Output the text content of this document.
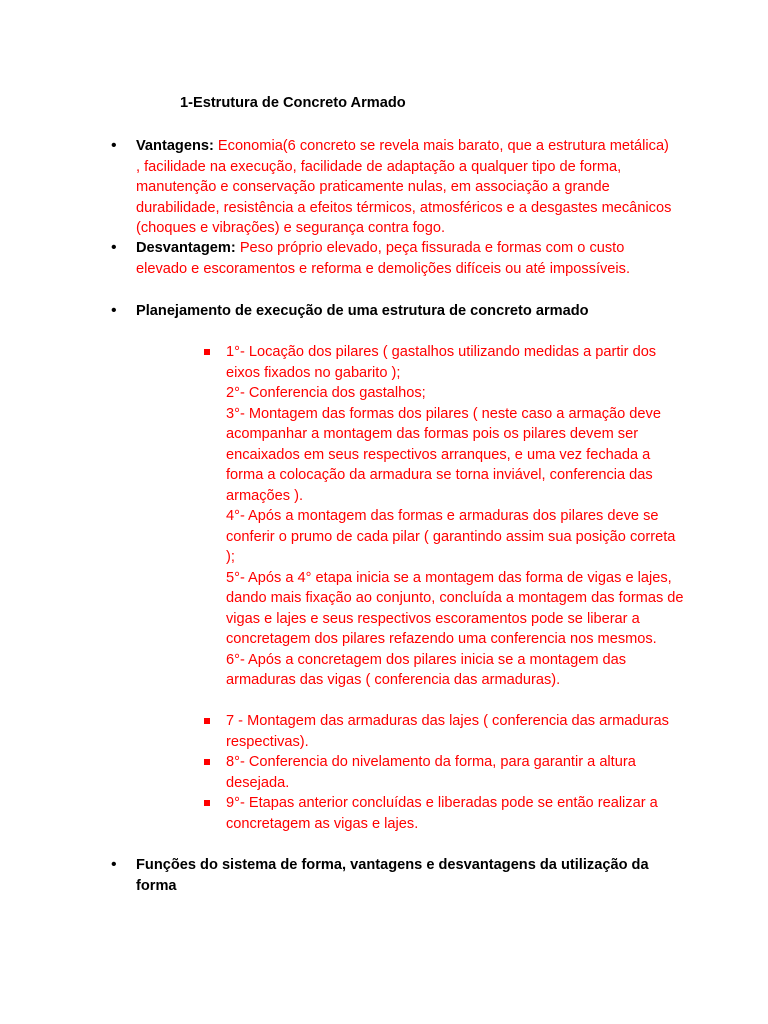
1-Estrutura de Concreto Armado
• Vantagens: Economia(6 concreto se revela mais barato, que a estrutura metálica) , facilidade na execução, facilidade de adaptação a qualquer tipo de forma, manutenção e conservação praticamente nulas, em associação a grande durabilidade, resistência a efeitos térmicos, atmosféricos e a desgastes mecânicos (choques e vibrações) e segurança contra fogo.
• Desvantagem: Peso próprio elevado, peça fissurada e formas com o custo elevado e escoramentos e reforma e demolições difíceis ou até impossíveis.
• Planejamento de execução de uma estrutura de concreto armado
1°- Locação dos pilares ( gastalhos utilizando medidas a partir dos eixos fixados no gabarito );
2°- Conferencia dos gastalhos;
3°- Montagem das formas dos pilares ( neste caso a armação deve acompanhar a montagem das formas pois os pilares devem ser encaixados em seus respectivos arranques, e uma vez fechada a forma a colocação da armadura se torna inviável, conferencia das armações ).
4°- Após a montagem das formas e armaduras dos pilares deve se conferir o prumo de cada pilar ( garantindo assim sua posição correta );
5°- Após a 4° etapa inicia se a montagem das forma de vigas e lajes, dando mais fixação ao conjunto, concluída a montagem das formas de vigas e lajes e seus respectivos escoramentos pode se liberar a concretagem dos pilares refazendo uma conferencia nos mesmos.
6°- Após a concretagem dos pilares inicia se a montagem das armaduras das vigas ( conferencia das armaduras).
7 - Montagem das armaduras das lajes ( conferencia das armaduras respectivas).
8°- Conferencia do nivelamento da forma, para garantir a altura desejada.
9°- Etapas anterior concluídas e liberadas pode se então realizar a concretagem as vigas e lajes.
• Funções do sistema de forma, vantagens e desvantagens da utilização da forma
